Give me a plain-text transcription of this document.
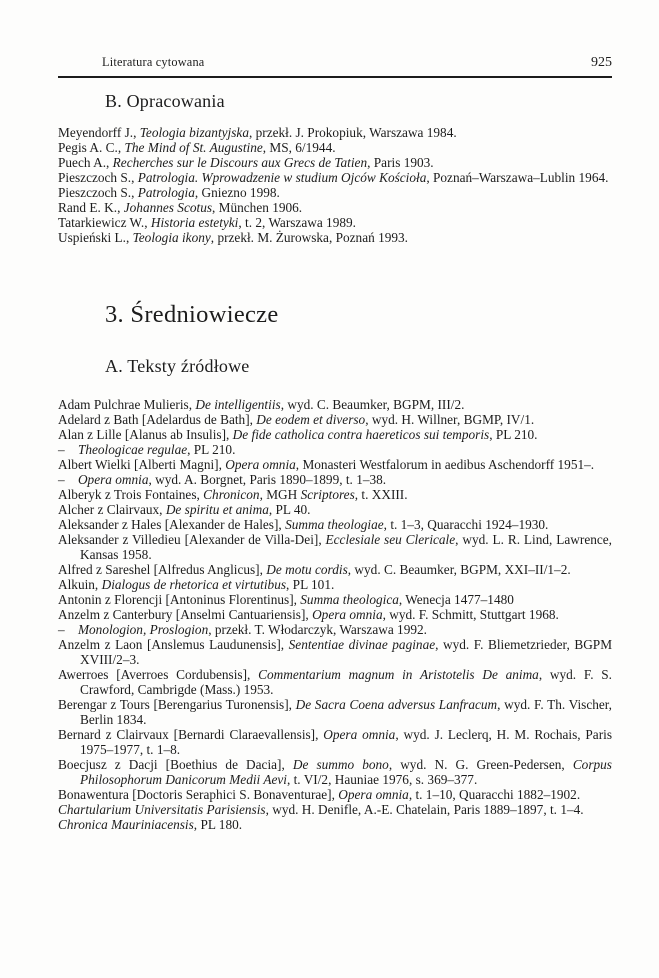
Literatura cytowana	925
B. Opracowania

Meyendorff J., Teologia bizantyjska, przekł. J. Prokopiuk, Warszawa 1984.

Pegis A. C., The Mind of St. Augustine, MS, 6/1944.

Puech A., Recherches sur le Discours aux Grecs de Tatien, Paris 1903.

Pieszczoch S., Patrologia. Wprowadzenie w studium Ojców Kościoła, Poznań–Warszawa–Lublin 1964.

Pieszczoch S., Patrologia, Gniezno 1998.

Rand E. K., Johannes Scotus, München 1906.

Tatarkiewicz W., Historia estetyki, t. 2, Warszawa 1989.

Uspieński L., Teologia ikony, przekł. M. Żurowska, Poznań 1993.

3. Średniowiecze
A. Teksty źródłowe

Adam Pulchrae Mulieris, De intelligentiis, wyd. C. Beaumker, BGPM, III/2.

Adelard z Bath [Adelardus de Bath], De eodem et diverso, wyd. H. Willner, BGMP, IV/1.

Alan z Lille [Alanus ab Insulis], De fide catholica contra haereticos sui temporis, PL 210.

– Theologicae regulae, PL 210.

Albert Wielki [Alberti Magni], Opera omnia, Monasteri Westfalorum in aedibus Aschendorff 1951–.

– Opera omnia, wyd. A. Borgnet, Paris 1890–1899, t. 1–38.

Alberyk z Trois Fontaines, Chronicon, MGH Scriptores, t. XXIII.

Alcher z Clairvaux, De spiritu et anima, PL 40.

Aleksander z Hales [Alexander de Hales], Summa theologiae, t. 1–3, Quaracchi 1924–1930.

Aleksander z Villedieu [Alexander de Villa-Dei], Ecclesiale seu Clericale, wyd. L. R. Lind, Lawrence, Kansas 1958.

Alfred z Sareshel [Alfredus Anglicus], De motu cordis, wyd. C. Beaumker, BGPM, XXI–II/1–2.

Alkuin, Dialogus de rhetorica et virtutibus, PL 101.

Antonin z Florencji [Antoninus Florentinus], Summa theologica, Wenecja 1477–1480

Anzelm z Canterbury [Anselmi Cantuariensis], Opera omnia, wyd. F. Schmitt, Stuttgart 1968.

– Monologion, Proslogion, przekł. T. Włodarczyk, Warszawa 1992.

Anzelm z Laon [Anslemus Laudunensis], Sententiae divinae paginae, wyd. F. Bliemetzrieder, BGPM XVIII/2–3.

Awerroes [Averroes Cordubensis], Commentarium magnum in Aristotelis De anima, wyd. F. S. Crawford, Cambrigde (Mass.) 1953.

Berengar z Tours [Berengarius Turonensis], De Sacra Coena adversus Lanfracum, wyd. F. Th. Vischer, Berlin 1834.

Bernard z Clairvaux [Bernardi Claraevallensis], Opera omnia, wyd. J. Leclerq, H. M. Rochais, Paris 1975–1977, t. 1–8.

Boecjusz z Dacji [Boethius de Dacia], De summo bono, wyd. N. G. Green-Pedersen, Corpus Philosophorum Danicorum Medii Aevi, t. VI/2, Hauniae 1976, s. 369–377.

Bonawentura [Doctoris Seraphici S. Bonaventurae], Opera omnia, t. 1–10, Quaracchi 1882–1902.

Chartularium Universitatis Parisiensis, wyd. H. Denifle, A.-E. Chatelain, Paris 1889–1897, t. 1–4.

Chronica Mauriniacensis, PL 180.
